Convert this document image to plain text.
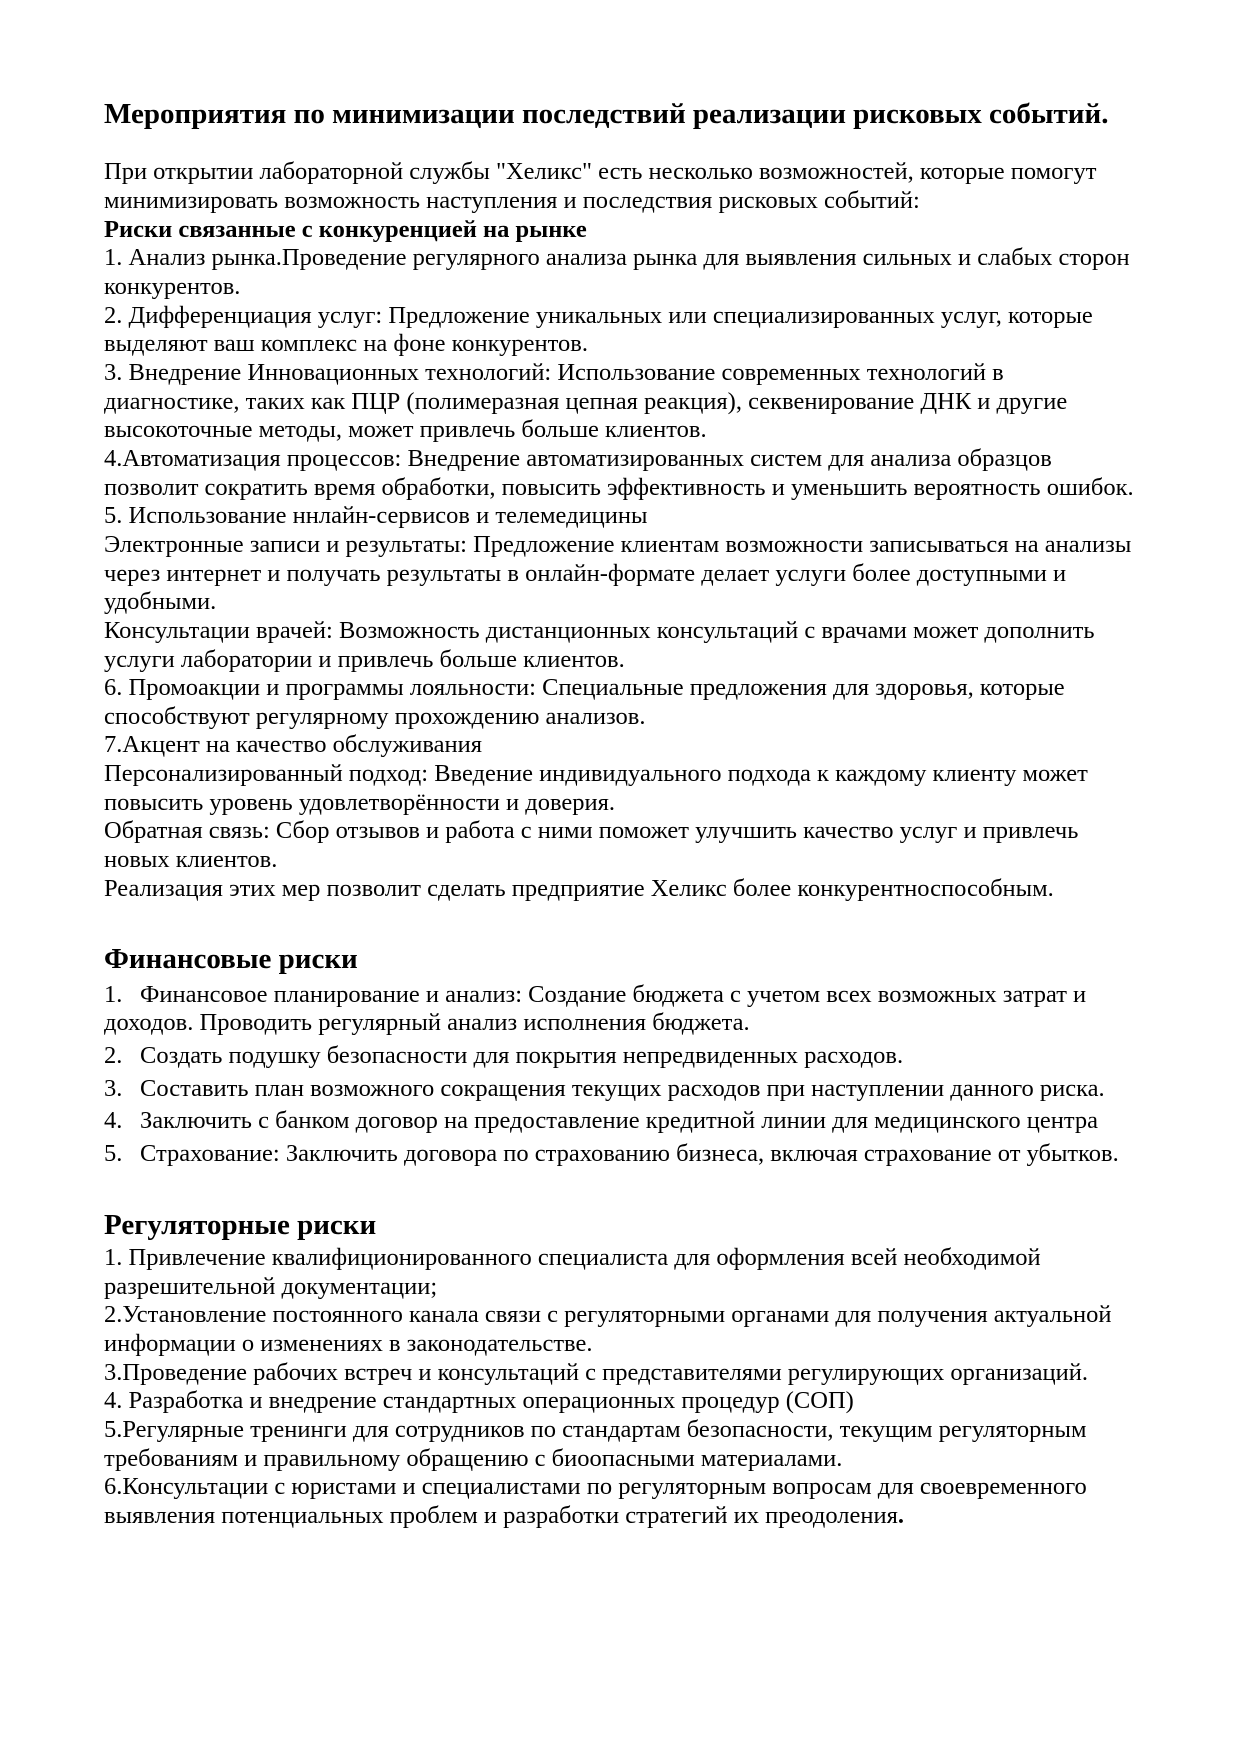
Мероприятия по минимизации последствий реализации рисковых событий.

При открытии лабораторной службы "Хеликс" есть несколько возможностей, которые помогут минимизировать возможность наступления и последствия рисковых событий:

Риски связанные с конкуренцией на рынке

1. Анализ рынка.Проведение регулярного анализа рынка для выявления сильных и слабых сторон конкурентов.

2. Дифференциация услуг: Предложение уникальных или специализированных услуг, которые выделяют ваш комплекс на фоне конкурентов.

3. Внедрение Инновационных технологий: Использование современных технологий в диагностике, таких как ПЦР (полимеразная цепная реакция), секвенирование ДНК и другие высокоточные методы, может привлечь больше клиентов.

4.Автоматизация процессов: Внедрение автоматизированных систем для анализа образцов позволит сократить время обработки, повысить эффективность и уменьшить вероятность ошибок.

5. Использование ннлайн-сервисов и телемедицины

Электронные записи и результаты: Предложение клиентам возможности записываться на анализы через интернет и получать результаты в онлайн-формате делает услуги более доступными и удобными.

Консультации врачей: Возможность дистанционных консультаций с врачами может дополнить услуги лаборатории и привлечь больше клиентов.

6. Промоакции и программы лояльности: Специальные предложения для здоровья, которые способствуют регулярному прохождению анализов.

7.Акцент на качество обслуживания

Персонализированный подход: Введение индивидуального подхода к каждому клиенту может повысить уровень удовлетворённости и доверия.

Обратная связь: Сбор отзывов и работа с ними поможет улучшить качество услуг и привлечь новых клиентов.

Реализация этих мер позволит сделать предприятие Хеликс более конкурентноспособным.

Финансовые риски
1. Финансовое планирование и анализ: Создание бюджета с учетом всех возможных затрат и доходов. Проводить регулярный анализ исполнения бюджета.
2. Создать подушку безопасности для покрытия непредвиденных расходов.
3. Составить план возможного сокращения текущих расходов при наступлении данного риска.
4. Заключить с банком договор на предоставление кредитной линии для медицинского центра
5. Страхование: Заключить договора по страхованию бизнеса, включая страхование от убытков.
Регуляторные риски

1. Привлечение квалифиционированного специалиста для оформления всей необходимой разрешительной документации;

2.Установление постоянного канала связи с регуляторными органами для получения актуальной информации о изменениях в законодательстве.

3.Проведение рабочих встреч и консультаций с представителями регулирующих организаций.

4. Разработка и внедрение стандартных операционных процедур (СОП)

5.Регулярные тренинги для сотрудников по стандартам безопасности, текущим регуляторным требованиям и правильному обращению с биоопасными материалами.

6.Консультации с юристами и специалистами по регуляторным вопросам для своевременного выявления потенциальных проблем и разработки стратегий их преодоления.
